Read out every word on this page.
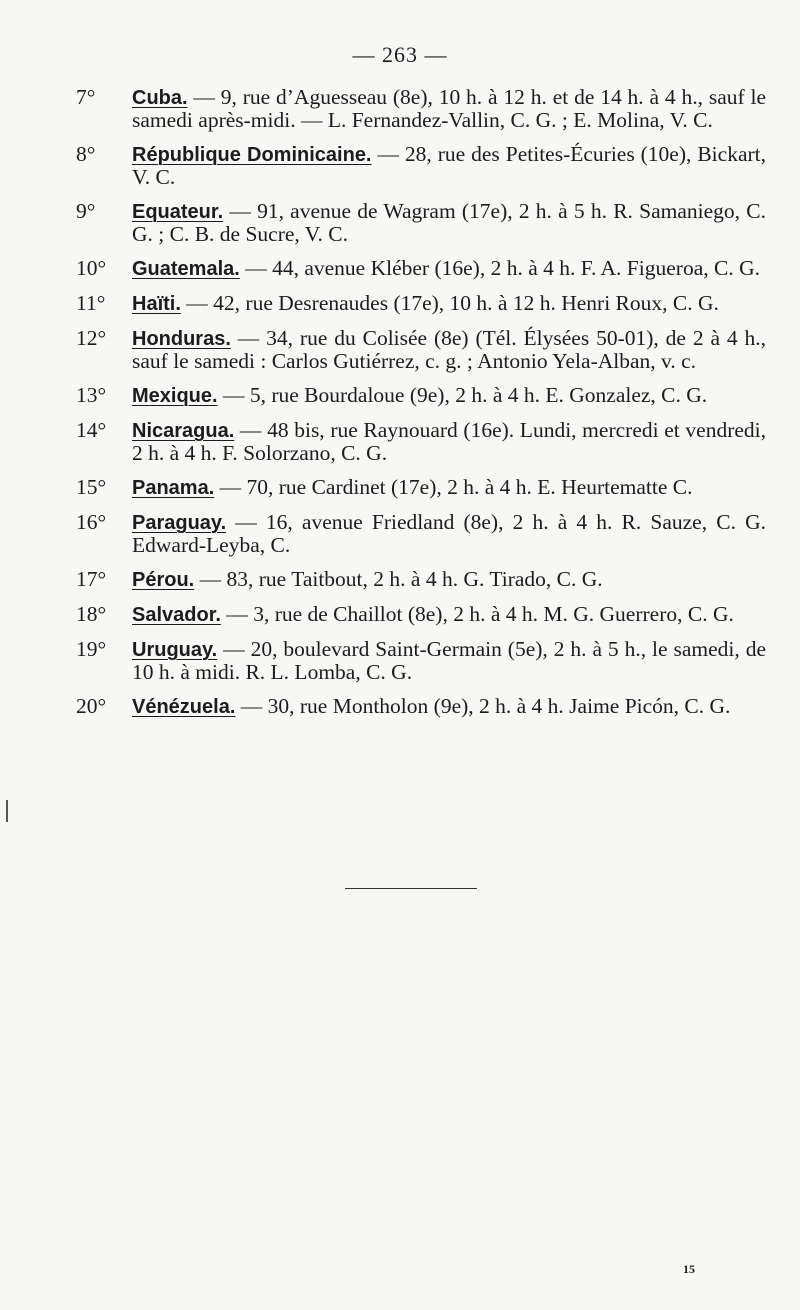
— 263 —
7°	Cuba. — 9, rue d’Aguesseau (8e), 10 h. à 12 h. et de 14 h. à 4 h., sauf le samedi après-midi. — L. Fernandez-Vallin, C. G. ; E. Molina, V. C.
8°	République Dominicaine. — 28, rue des Petites-Écuries (10e), Bickart, V. C.
9°	Equateur. — 91, avenue de Wagram (17e), 2 h. à 5 h. R. Samaniego, C. G. ; C. B. de Sucre, V. C.
10°	Guatemala. — 44, avenue Kléber (16e), 2 h. à 4 h. F. A. Figueroa, C. G.
11°	Haïti. — 42, rue Desrenaudes (17e), 10 h. à 12 h. Henri Roux, C. G.
12°	Honduras. — 34, rue du Colisée (8e) (Tél. Élysées 50-01), de 2 à 4 h., sauf le samedi : Carlos Gutiérrez, c. g. ; Antonio Yela-Alban, v. c.
13°	Mexique. — 5, rue Bourdaloue (9e), 2 h. à 4 h. E. Gonzalez, C. G.
14°	Nicaragua. — 48 bis, rue Raynouard (16e). Lundi, mercredi et vendredi, 2 h. à 4 h. F. Solorzano, C. G.
15°	Panama. — 70, rue Cardinet (17e), 2 h. à 4 h. E. Heurtematte C.
16°	Paraguay. — 16, avenue Friedland (8e), 2 h. à 4 h. R. Sauze, C. G. Edward-Leyba, C.
17°	Pérou. — 83, rue Taitbout, 2 h. à 4 h. G. Tirado, C. G.
18°	Salvador. — 3, rue de Chaillot (8e), 2 h. à 4 h. M. G. Guerrero, C. G.
19°	Uruguay. — 20, boulevard Saint-Germain (5e), 2 h. à 5 h., le samedi, de 10 h. à midi. R. L. Lomba, C. G.
20°	Vénézuela. — 30, rue Montholon (9e), 2 h. à 4 h. Jaime Picón, C. G.
15
